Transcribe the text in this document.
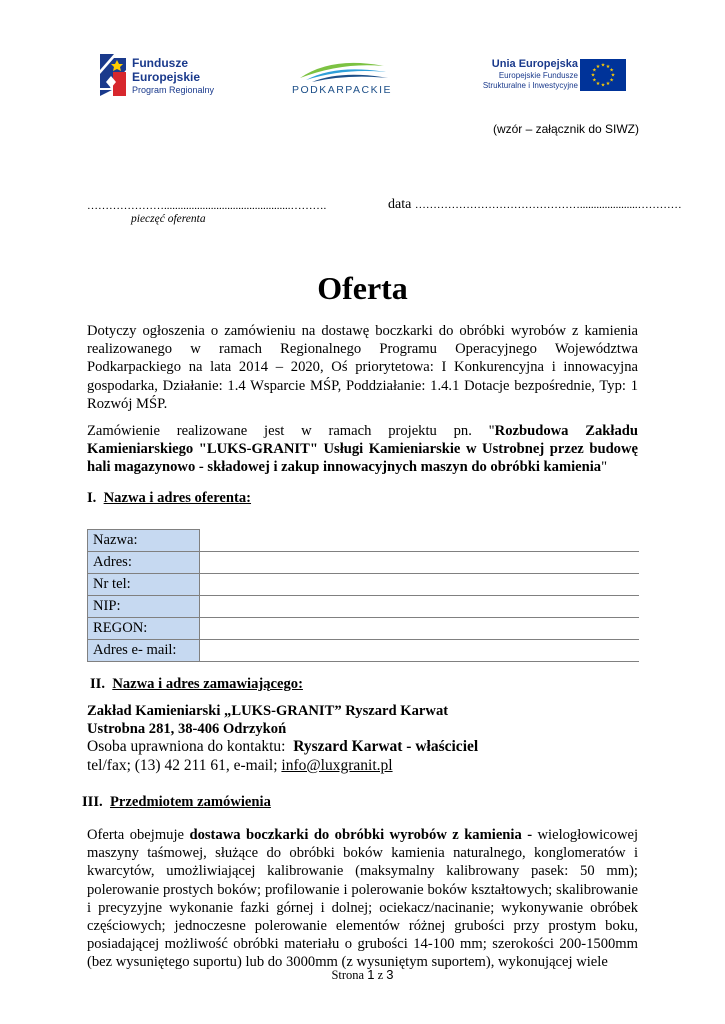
Fundusze
Europejskie
Program Regionalny	PODKARPACKIE
Unia Europejska
Europejskie Fundusze
Strukturalne i Inwestycyjne
★ ★
★
★
★
★
★
★
★
★
★
★
(wzór – załącznik do SIWZ)
…………………..............................................……….
pieczęć oferenta
data ……………………………………….....................…………
Oferta
Dotyczy ogłoszenia o zamówieniu na dostawę boczkarki do obróbki wyrobów z kamienia realizowanego w ramach Regionalnego Programu Operacyjnego Województwa Podkarpackiego na lata 2014 – 2020, Oś priorytetowa: I Konkurencyjna i innowacyjna gospodarka, Działanie: 1.4 Wsparcie MŚP, Poddziałanie: 1.4.1 Dotacje bezpośrednie, Typ: 1 Rozwój MŚP.
Zamówienie realizowane jest w ramach projektu pn. "Rozbudowa Zakładu Kamieniarskiego "LUKS-GRANIT" Usługi Kamieniarskie w Ustrobnej przez budowę hali magazynowo - składowej i zakup innowacyjnych maszyn do obróbki kamienia"
I. Nazwa i adres oferenta:
Nazwa:	
Adres:	
Nr tel:	
NIP:	
REGON:	
Adres e- mail:	
II. Nazwa i adres zamawiającego:
Zakład Kamieniarski „LUKS-GRANIT” Ryszard Karwat
Ustrobna 281, 38-406 Odrzykoń
Osoba uprawniona do kontaktu: Ryszard Karwat - właściciel
tel/fax; (13) 42 211 61, e-mail; info@luxgranit.pl
III. Przedmiotem zamówienia
Oferta obejmuje dostawa boczkarki do obróbki wyrobów z kamienia - wielogłowicowej maszyny taśmowej, służące do obróbki boków kamienia naturalnego, konglomeratów i kwarcytów, umożliwiającej kalibrowanie (maksymalny kalibrowany pasek: 50 mm); polerowanie prostych boków; profilowanie i polerowanie boków kształtowych; skalibrowanie i precyzyjne wykonanie fazki górnej i dolnej; ociekacz/nacinanie; wykonywanie obróbek częściowych; jednoczesne polerowanie elementów różnej grubości przy prostym boku, posiadającej możliwość obróbki materiału o grubości 14-100 mm; szerokości 200-1500mm (bez wysuniętego suportu) lub do 3000mm (z wysuniętym suportem), wykonującej wiele
Strona 1 z 3
